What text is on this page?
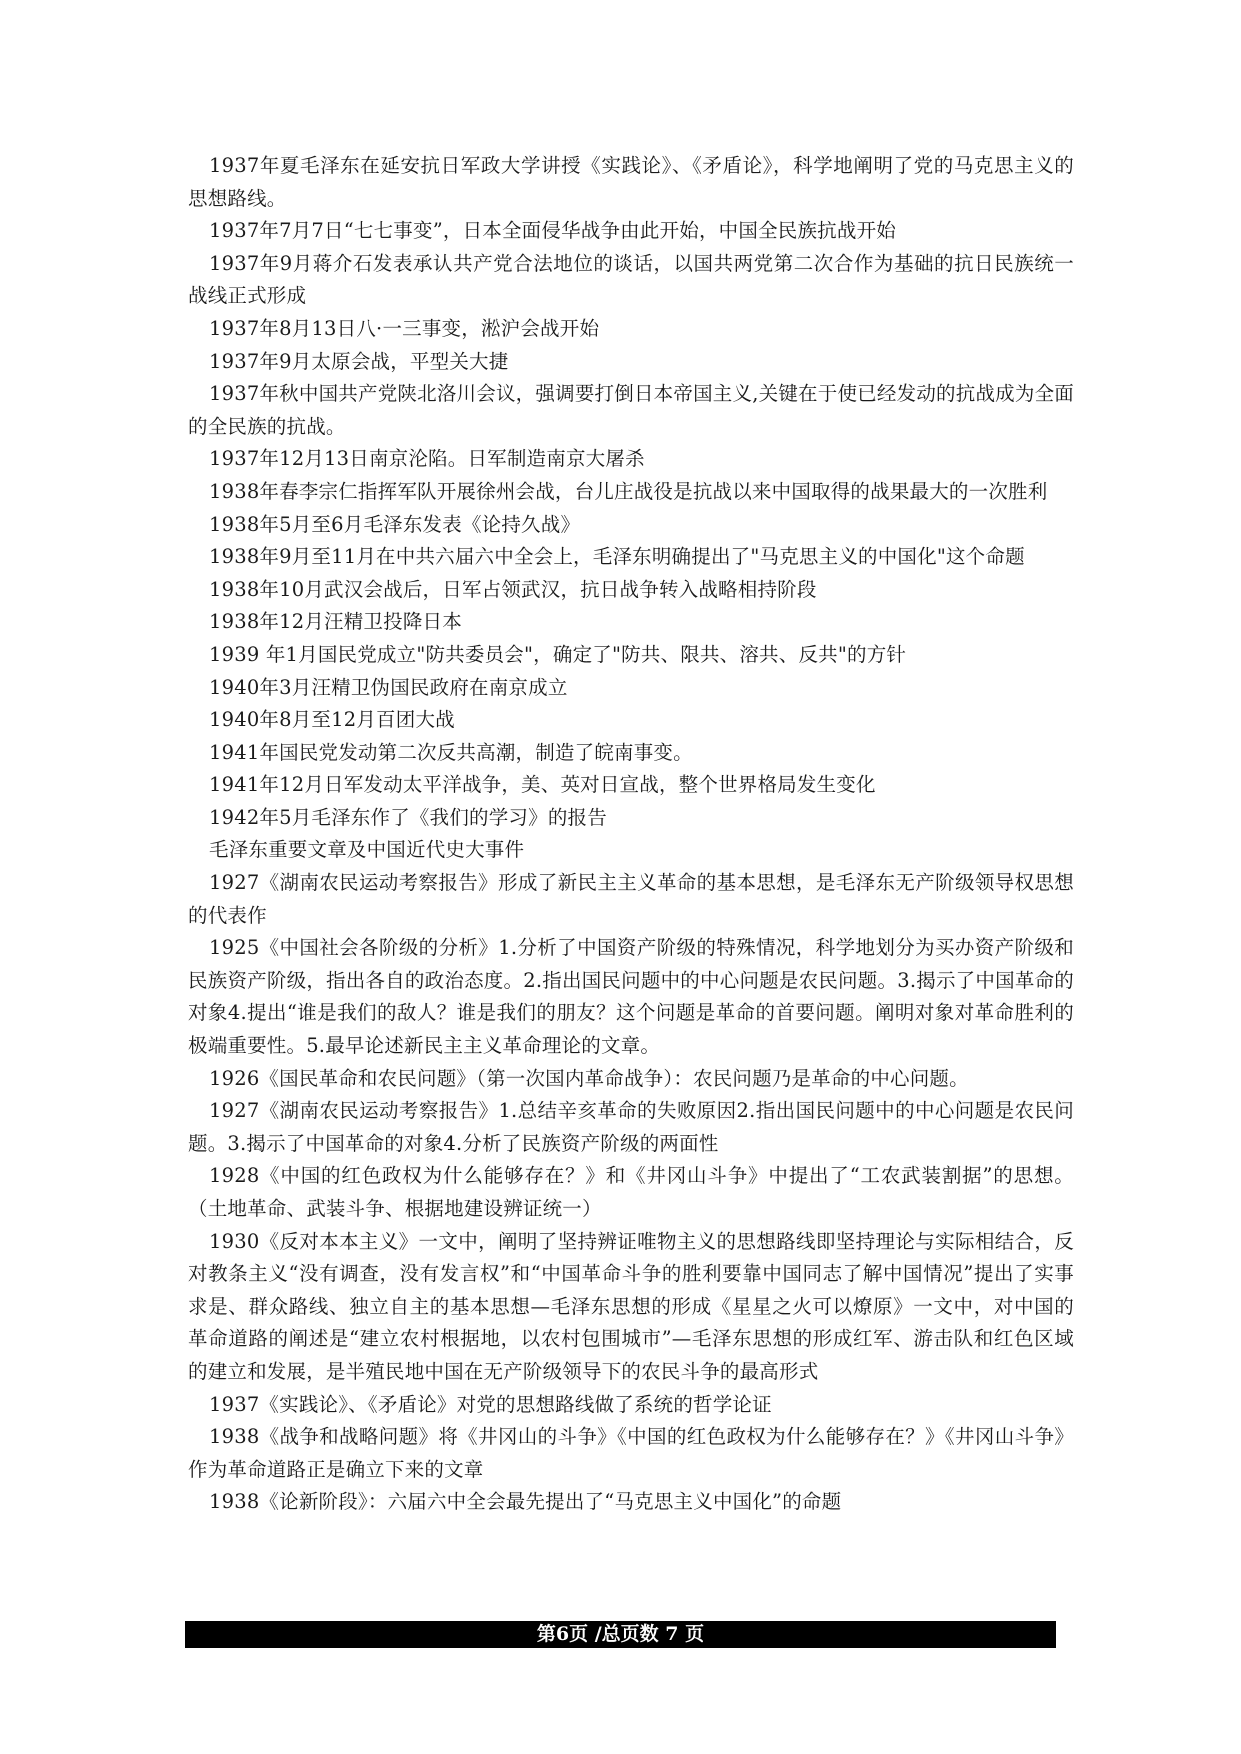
1937年夏毛泽东在延安抗日军政大学讲授《实践论》、《矛盾论》，科学地阐明了党的马克思主义的思想路线。

1937年7月7日“七七事变”，日本全面侵华战争由此开始，中国全民族抗战开始

1937年9月蒋介石发表承认共产党合法地位的谈话，以国共两党第二次合作为基础的抗日民族统一战线正式形成

1937年8月13日八·一三事变，淞沪会战开始

1937年9月太原会战，平型关大捷

1937年秋中国共产党陕北洛川会议，强调要打倒日本帝国主义,关键在于使已经发动的抗战成为全面的全民族的抗战。

1937年12月13日南京沦陷。日军制造南京大屠杀

1938年春李宗仁指挥军队开展徐州会战，台儿庄战役是抗战以来中国取得的战果最大的一次胜利

1938年5月至6月毛泽东发表《论持久战》

1938年9月至11月在中共六届六中全会上，毛泽东明确提出了"马克思主义的中国化"这个命题

1938年10月武汉会战后，日军占领武汉，抗日战争转入战略相持阶段

1938年12月汪精卫投降日本

1939 年1月国民党成立"防共委员会"，确定了"防共、限共、溶共、反共"的方针

1940年3月汪精卫伪国民政府在南京成立

1940年8月至12月百团大战

1941年国民党发动第二次反共高潮，制造了皖南事变。

1941年12月日军发动太平洋战争，美、英对日宣战，整个世界格局发生变化

1942年5月毛泽东作了《我们的学习》的报告

毛泽东重要文章及中国近代史大事件

1927《湖南农民运动考察报告》形成了新民主主义革命的基本思想，是毛泽东无产阶级领导权思想的代表作

1925《中国社会各阶级的分析》1.分析了中国资产阶级的特殊情况，科学地划分为买办资产阶级和民族资产阶级，指出各自的政治态度。2.指出国民问题中的中心问题是农民问题。3.揭示了中国革命的对象4.提出“谁是我们的敌人？谁是我们的朋友？这个问题是革命的首要问题。阐明对象对革命胜利的极端重要性。5.最早论述新民主主义革命理论的文章。

1926《国民革命和农民问题》（第一次国内革命战争）：农民问题乃是革命的中心问题。

1927《湖南农民运动考察报告》1.总结辛亥革命的失败原因2.指出国民问题中的中心问题是农民问题。3.揭示了中国革命的对象4.分析了民族资产阶级的两面性

1928《中国的红色政权为什么能够存在？》和《井冈山斗争》中提出了“工农武装割据”的思想。（土地革命、武装斗争、根据地建设辨证统一）

1930《反对本本主义》一文中，阐明了坚持辨证唯物主义的思想路线即坚持理论与实际相结合，反对教条主义“没有调查，没有发言权”和“中国革命斗争的胜利要靠中国同志了解中国情况”提出了实事求是、群众路线、独立自主的基本思想—毛泽东思想的形成《星星之火可以燎原》一文中，对中国的革命道路的阐述是“建立农村根据地，以农村包围城市”—毛泽东思想的形成红军、游击队和红色区域的建立和发展，是半殖民地中国在无产阶级领导下的农民斗争的最高形式

1937《实践论》、《矛盾论》对党的思想路线做了系统的哲学论证

1938《战争和战略问题》将《井冈山的斗争》《中国的红色政权为什么能够存在？》《井冈山斗争》作为革命道路正是确立下来的文章

1938《论新阶段》：六届六中全会最先提出了“马克思主义中国化”的命题

第6页 /总页数 7 页
